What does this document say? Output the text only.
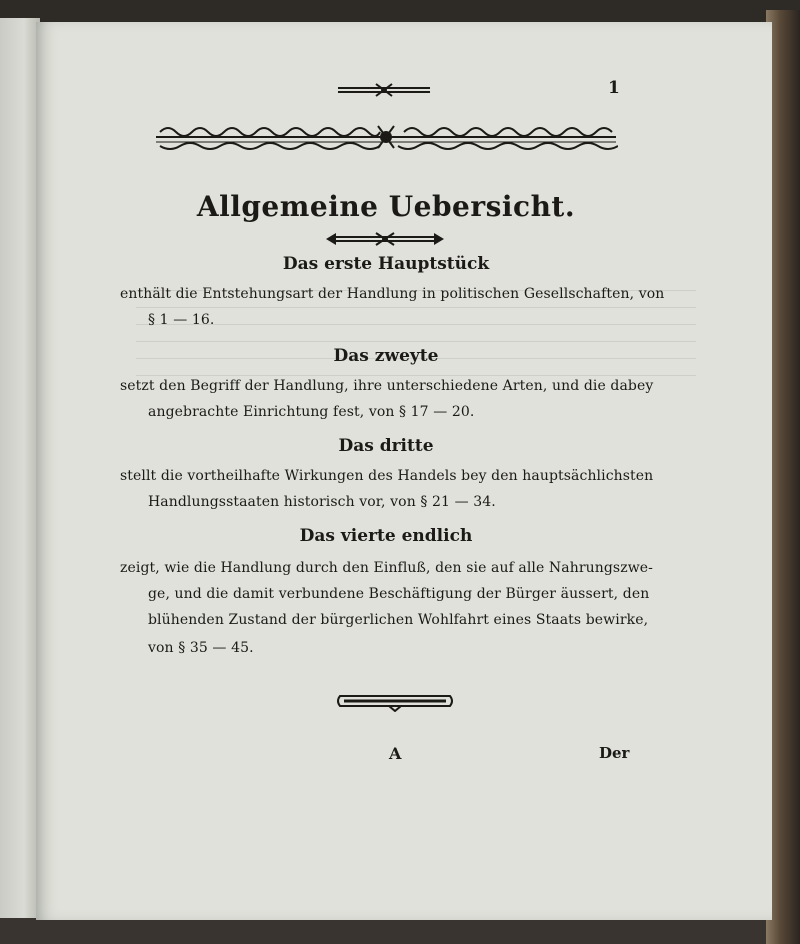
1
Allgemeine Uebersicht.
Das erste Hauptstück
enthält die Entstehungsart der Handlung in politischen Gesellschaften, von
§ 1 — 16.
Das zweyte
setzt den Begriff der Handlung, ihre unterschiedene Arten, und die dabey
angebrachte Einrichtung fest, von § 17 — 20.
Das dritte
stellt die vortheilhafte Wirkungen des Handels bey den hauptsächlichsten
Handlungsstaaten historisch vor, von § 21 — 34.
Das vierte endlich
zeigt, wie die Handlung durch den Einfluß, den sie auf alle Nahrungszwe-
ge, und die damit verbundene Beschäftigung der Bürger äussert, den
blühenden Zustand der bürgerlichen Wohlfahrt eines Staats bewirke,
von § 35 — 45.
A	Der
